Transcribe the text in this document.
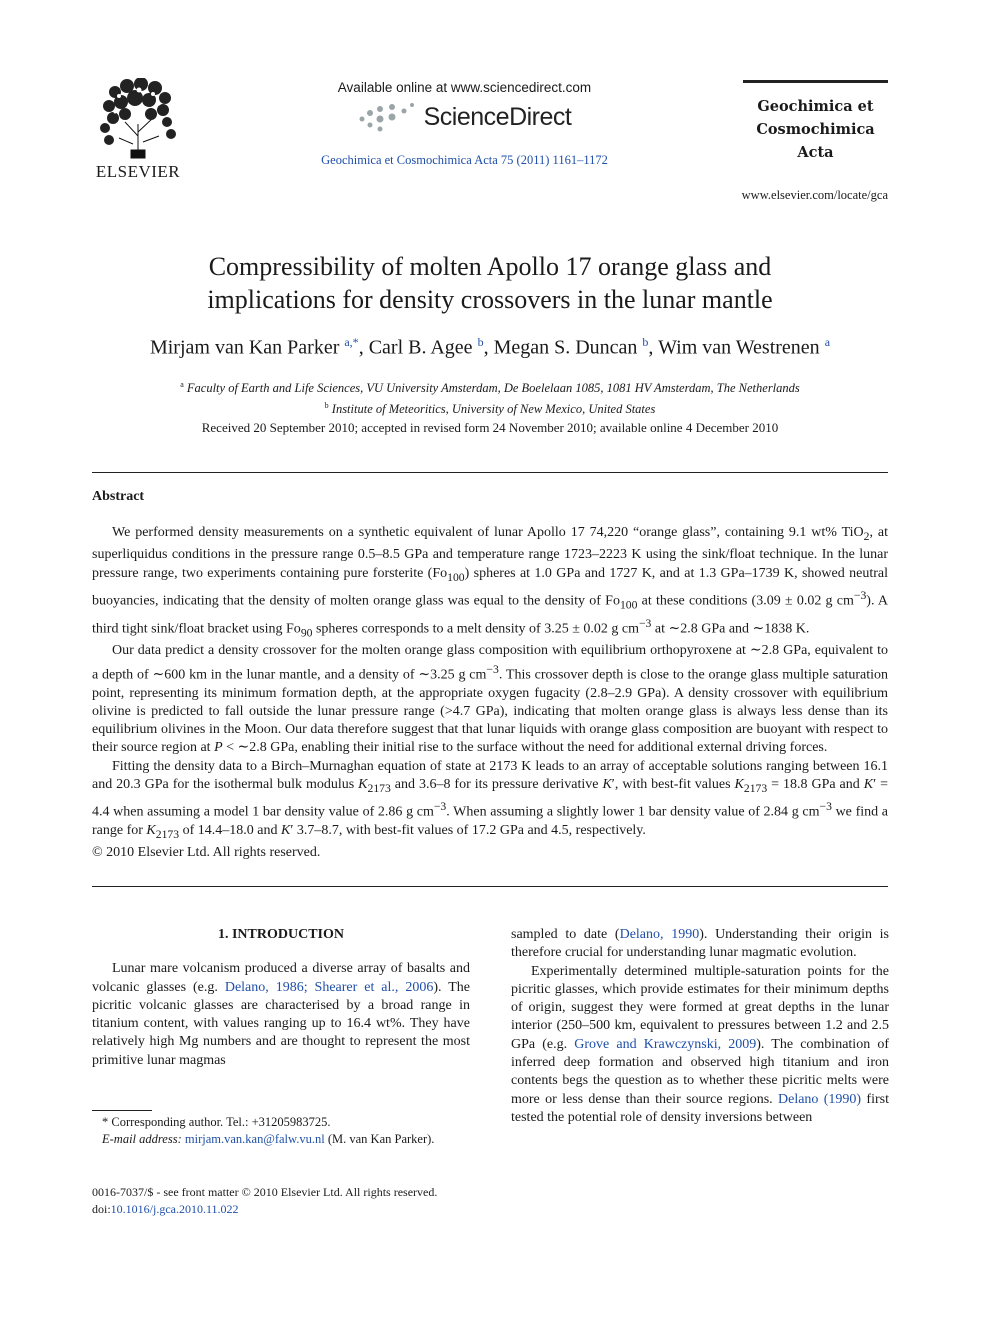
ELSEVIER
Available online at www.sciencedirect.com
ScienceDirect
Geochimica et Cosmochimica Acta 75 (2011) 1161–1172
Geochimica et
Cosmochimica
Acta
www.elsevier.com/locate/gca
Compressibility of molten Apollo 17 orange glass and
implications for density crossovers in the lunar mantle
Mirjam van Kan Parker $^{a,*}$, Carl B. Agee $^b$, Megan S. Duncan $^b$, Wim van Westrenen $^a$
$^a$ Faculty of Earth and Life Sciences, VU University Amsterdam, De Boelelaan 1085, 1081 HV Amsterdam, The Netherlands
$^b$ Institute of Meteoritics, University of New Mexico, United States
Received 20 September 2010; accepted in revised form 24 November 2010; available online 4 December 2010
Abstract

We performed density measurements on a synthetic equivalent of lunar Apollo 17 74,220 “orange glass”, containing 9.1 wt% TiO$_2$, at superliquidus conditions in the pressure range 0.5–8.5 GPa and temperature range 1723–2223 K using the sink/float technique. In the lunar pressure range, two experiments containing pure forsterite $(Fo_{100})$ spheres at 1.0 GPa and 1727 K, and at 1.3 GPa–1739 K, showed neutral buoyancies, indicating that the density of molten orange glass was equal to the density of $Fo_{100}$ at these conditions (3.09 ± 0.02 g $cm^{-3}$). A third tight sink/float bracket using $Fo_{90}$ spheres corresponds to a melt density of 3.25 ± 0.02 g $cm^{-3}$ at ∼2.8 GPa and ∼1838 K.

Our data predict a density crossover for the molten orange glass composition with equilibrium orthopyroxene at ∼2.8 GPa, equivalent to a depth of ∼600 km in the lunar mantle, and a density of ∼3.25 g $cm^{-3}$. This crossover depth is close to the orange glass multiple saturation point, representing its minimum formation depth, at the appropriate oxygen fugacity (2.8–2.9 GPa). A density crossover with equilibrium olivine is predicted to fall outside the lunar pressure range (>4.7 GPa), indicating that molten orange glass is always less dense than its equilibrium olivines in the Moon. Our data therefore suggest that that lunar liquids with orange glass composition are buoyant with respect to their source region at P < ∼2.8 GPa, enabling their initial rise to the surface without the need for additional external driving forces.

Fitting the density data to a Birch–Murnaghan equation of state at 2173 K leads to an array of acceptable solutions ranging between 16.1 and 20.3 GPa for the isothermal bulk modulus $K_{2173}$ and 3.6–8 for its pressure derivative K′, with best-fit values $K_{2173} = 18.8$ GPa and K′ = 4.4 when assuming a model 1 bar density value of 2.86 g $cm^{-3}$. When assuming a slightly lower 1 bar density value of 2.84 g $cm^{-3}$ we find a range for $K_{2173}$ of 14.4–18.0 and K′ 3.7–8.7, with best-fit values of 17.2 GPa and 4.5, respectively.

© 2010 Elsevier Ltd. All rights reserved.

1. INTRODUCTION

Lunar mare volcanism produced a diverse array of basalts and volcanic glasses (e.g. Delano, 1986; Shearer et al., 2006). The picritic volcanic glasses are characterised by a broad range in titanium content, with values ranging up to 16.4 wt%. They have relatively high Mg numbers and are thought to represent the most primitive lunar magmas

sampled to date (Delano, 1990). Understanding their origin is therefore crucial for understanding lunar magmatic evolution.

Experimentally determined multiple-saturation points for the picritic glasses, which provide estimates for their minimum depths of origin, suggest they were formed at great depths in the lunar interior (250–500 km, equivalent to pressures between 1.2 and 2.5 GPa (e.g. Grove and Krawczynski, 2009). The combination of inferred deep formation and observed high titanium and iron contents begs the question as to whether these picritic melts were more or less dense than their source regions. Delano (1990) first tested the potential role of density inversions between

* Corresponding author. Tel.: +31205983725.

E-mail address: mirjam.van.kan@falw.vu.nl (M. van Kan Parker).

0016-7037/$ - see front matter © 2010 Elsevier Ltd. All rights reserved.
doi:10.1016/j.gca.2010.11.022
